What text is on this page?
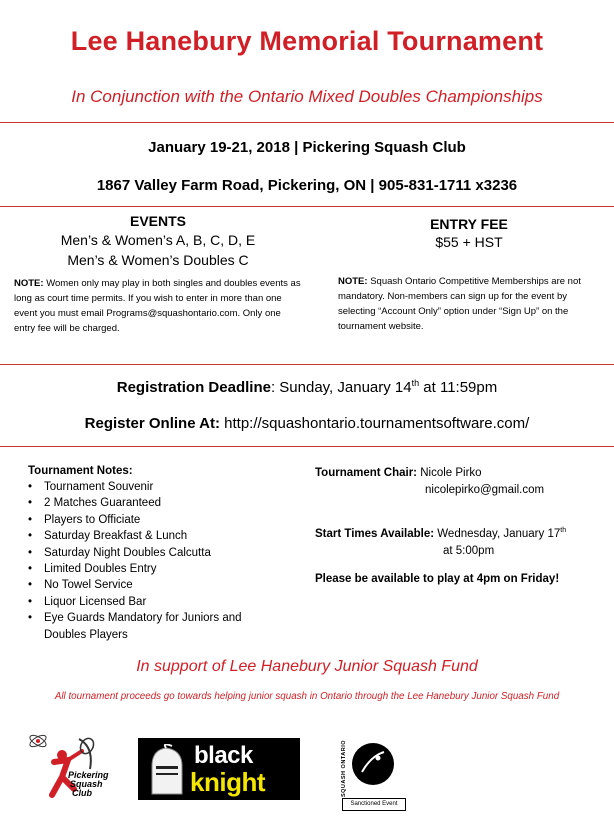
Lee Hanebury Memorial Tournament
In Conjunction with the Ontario Mixed Doubles Championships
January 19-21, 2018 | Pickering Squash Club
1867 Valley Farm Road, Pickering, ON | 905-831-1711 x3236
EVENTS
Men’s & Women’s A, B, C, D, E
Men’s & Women’s Doubles C
NOTE: Women only may play in both singles and doubles events as long as court time permits. If you wish to enter in more than one event you must email Programs@squashontario.com. Only one entry fee will be charged.
ENTRY FEE
$55 + HST
NOTE: Squash Ontario Competitive Memberships are not mandatory. Non-members can sign up for the event by selecting “Account Only” option under “Sign Up” on the tournament website.
Registration Deadline: Sunday, January 14th at 11:59pm
Register Online At: http://squashontario.tournamentsoftware.com/
Tournament Notes:
• Tournament Souvenir
• 2 Matches Guaranteed
• Players to Officiate
• Saturday Breakfast & Lunch
• Saturday Night Doubles Calcutta
• Limited Doubles Entry
• No Towel Service
• Liquor Licensed Bar
• Eye Guards Mandatory for Juniors and Doubles Players
Tournament Chair: Nicole Pirko
nicolepirko@gmail.com
Start Times Available: Wednesday, January 17th
at 5:00pm
Please be available to play at 4pm on Friday!
In support of Lee Hanebury Junior Squash Fund
All tournament proceeds go towards helping junior squash in Ontario through the Lee Hanebury Junior Squash Fund
Pickering
Squash
Club
black
knight	SQUASH ONTARIO
Sanctioned Event
